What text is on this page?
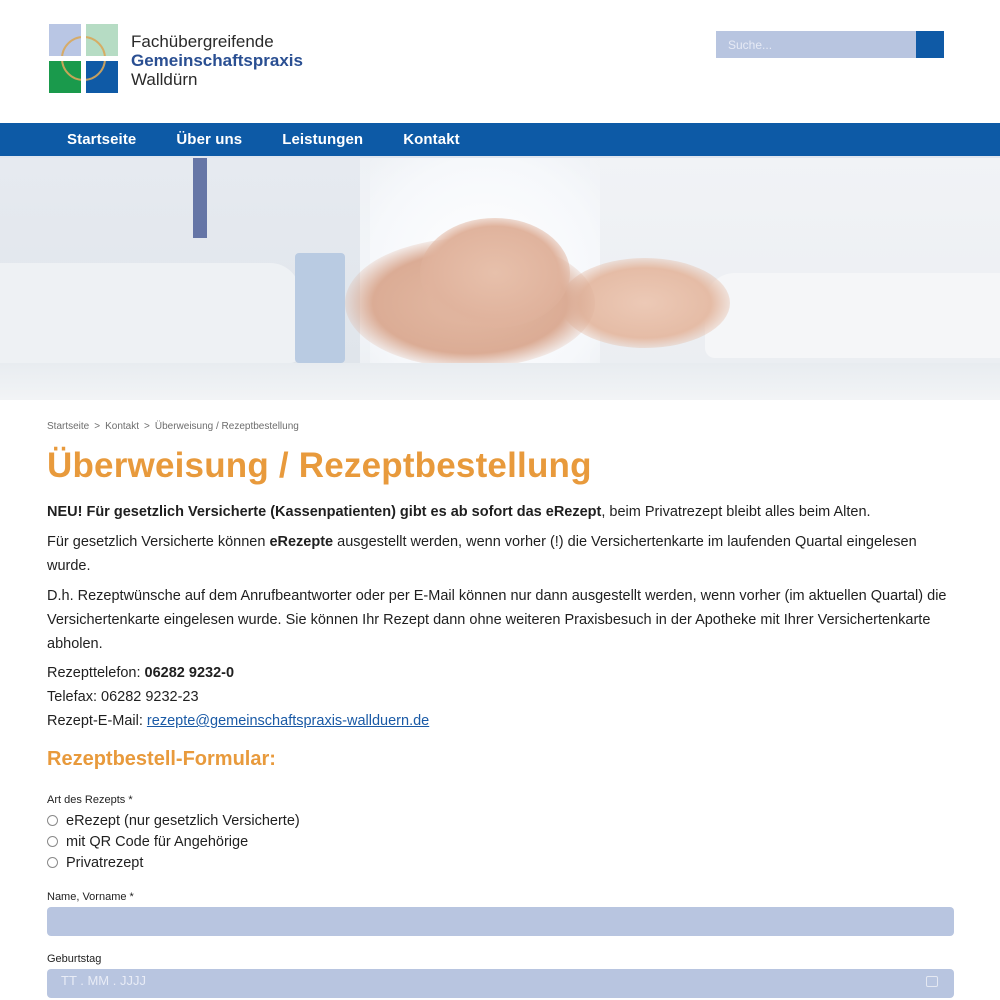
Fachübergreifende
Gemeinschaftspraxis
Walldürn
Suche...
Startseite	Über uns	Leistungen	Kontakt
Startseite > Kontakt > Überweisung / Rezeptbestellung
Überweisung / Rezeptbestellung

NEU! Für gesetzlich Versicherte (Kassenpatienten) gibt es ab sofort das eRezept, beim Privatrezept bleibt alles beim Alten.

Für gesetzlich Versicherte können eRezepte ausgestellt werden, wenn vorher (!) die Versichertenkarte im laufenden Quartal eingelesen wurde.

D.h. Rezeptwünsche auf dem Anrufbeantworter oder per E-Mail können nur dann ausgestellt werden, wenn vorher (im aktuellen Quartal) die Versichertenkarte eingelesen wurde. Sie können Ihr Rezept dann ohne weiteren Praxisbesuch in der Apotheke mit Ihrer Versichertenkarte abholen.

Rezepttelefon: 06282 9232-0
Telefax: 06282 9232-23
Rezept-E-Mail: rezepte@gemeinschaftspraxis-wallduern.de
Rezeptbestell-Formular:
Art des Rezepts *
eRezept (nur gesetzlich Versicherte)
mit QR Code für Angehörige
Privatrezept
Name, Vorname *
Geburtstag
TT . MM . JJJJ
